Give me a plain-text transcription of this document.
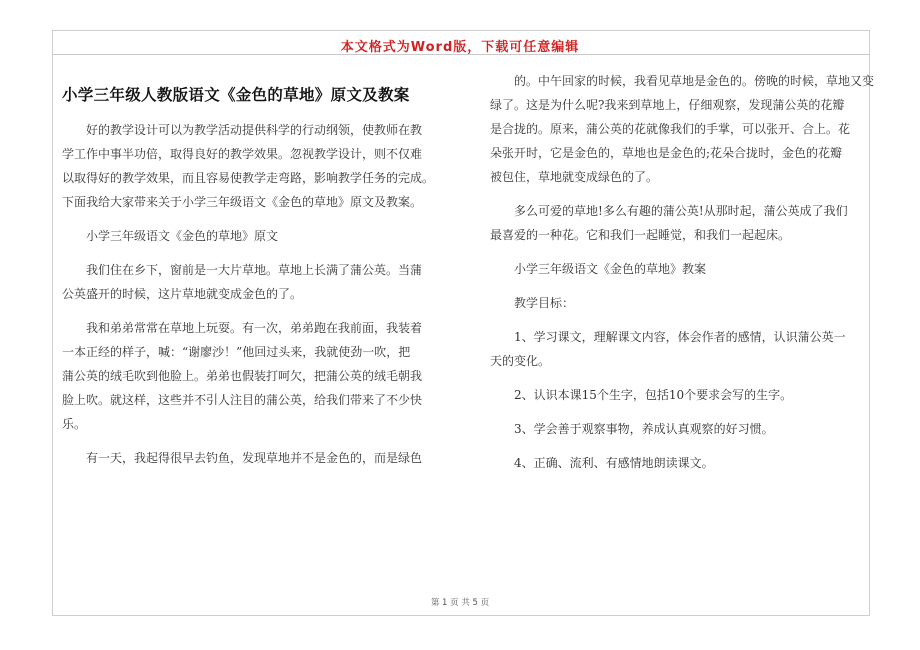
本文格式为Word版，下载可任意编辑
小学三年级人教版语文《金色的草地》原文及教案

好的教学设计可以为教学活动提供科学的行动纲领，使教师在教
学工作中事半功倍，取得良好的教学效果。忽视教学设计，则不仅难
以取得好的教学效果，而且容易使教学走弯路，影响教学任务的完成。
下面我给大家带来关于小学三年级语文《金色的草地》原文及教案。

小学三年级语文《金色的草地》原文

我们住在乡下，窗前是一大片草地。草地上长满了蒲公英。当蒲
公英盛开的时候，这片草地就变成金色的了。

我和弟弟常常在草地上玩耍。有一次，弟弟跑在我前面，我装着
一本正经的样子，喊：“谢廖沙！”他回过头来，我就使劲一吹，把
蒲公英的绒毛吹到他脸上。弟弟也假装打呵欠，把蒲公英的绒毛朝我
脸上吹。就这样，这些并不引人注目的蒲公英，给我们带来了不少快
乐。

有一天，我起得很早去钓鱼，发现草地并不是金色的，而是绿色

的。中午回家的时候，我看见草地是金色的。傍晚的时候，草地又变
绿了。这是为什么呢?我来到草地上，仔细观察，发现蒲公英的花瓣
是合拢的。原来，蒲公英的花就像我们的手掌，可以张开、合上。花
朵张开时，它是金色的，草地也是金色的;花朵合拢时，金色的花瓣
被包住，草地就变成绿色的了。

多么可爱的草地!多么有趣的蒲公英!从那时起，蒲公英成了我们
最喜爱的一种花。它和我们一起睡觉，和我们一起起床。

小学三年级语文《金色的草地》教案

教学目标：

1、学习课文，理解课文内容，体会作者的感情，认识蒲公英一
天的变化。

2、认识本课15个生字，包括10个要求会写的生字。

3、学会善于观察事物，养成认真观察的好习惯。

4、正确、流利、有感情地朗读课文。

第 1 页 共 5 页
